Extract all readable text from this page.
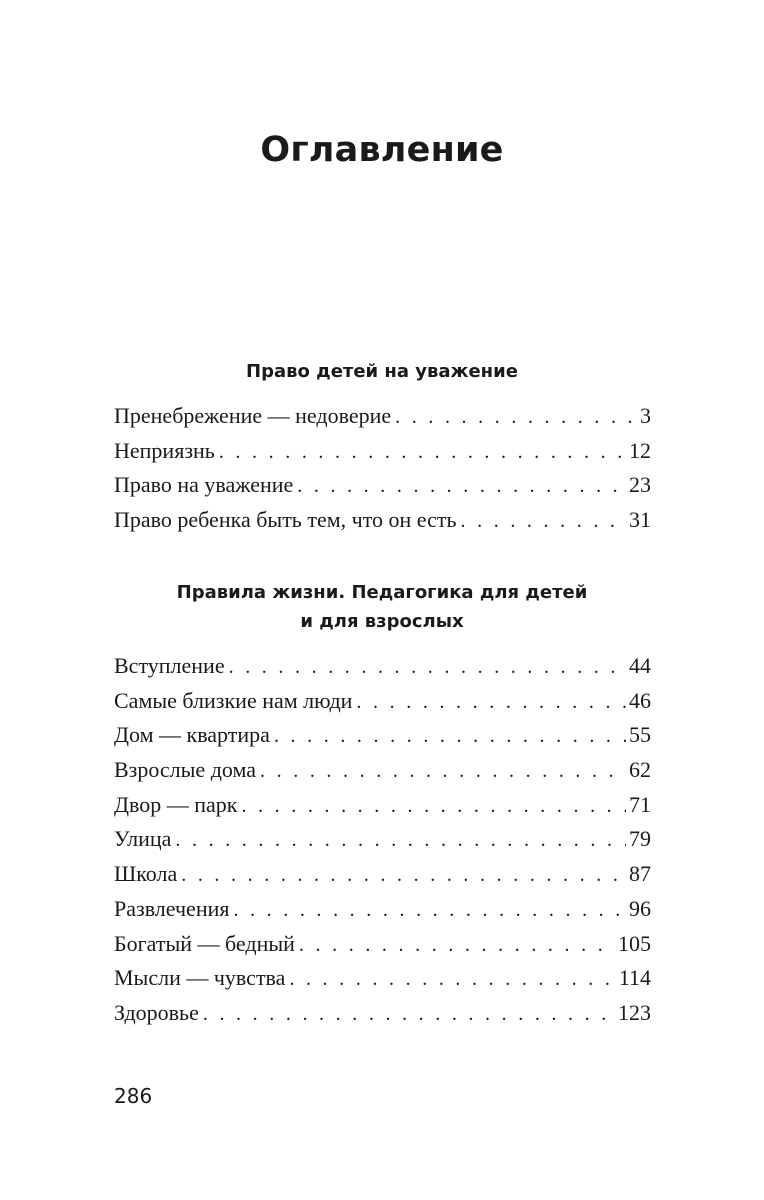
Оглавление
Право детей на уважение
Пренебрежение — недоверие . . .	3
Неприязнь . . .	12
Право на уважение . . .	23
Право ребенка быть тем, что он есть . . .	31
Правила жизни. Педагогика для детей
и для взрослых
Вступление . . .	44
Самые близкие нам люди . . .	46
Дом — квартира . . .	55
Взрослые дома . . .	62
Двор — парк . . .	71
Улица . . .	79
Школа . . .	87
Развлечения . . .	96
Богатый — бедный . . .	105
Мысли — чувства . . .	114
Здоровье . . .	123
286
